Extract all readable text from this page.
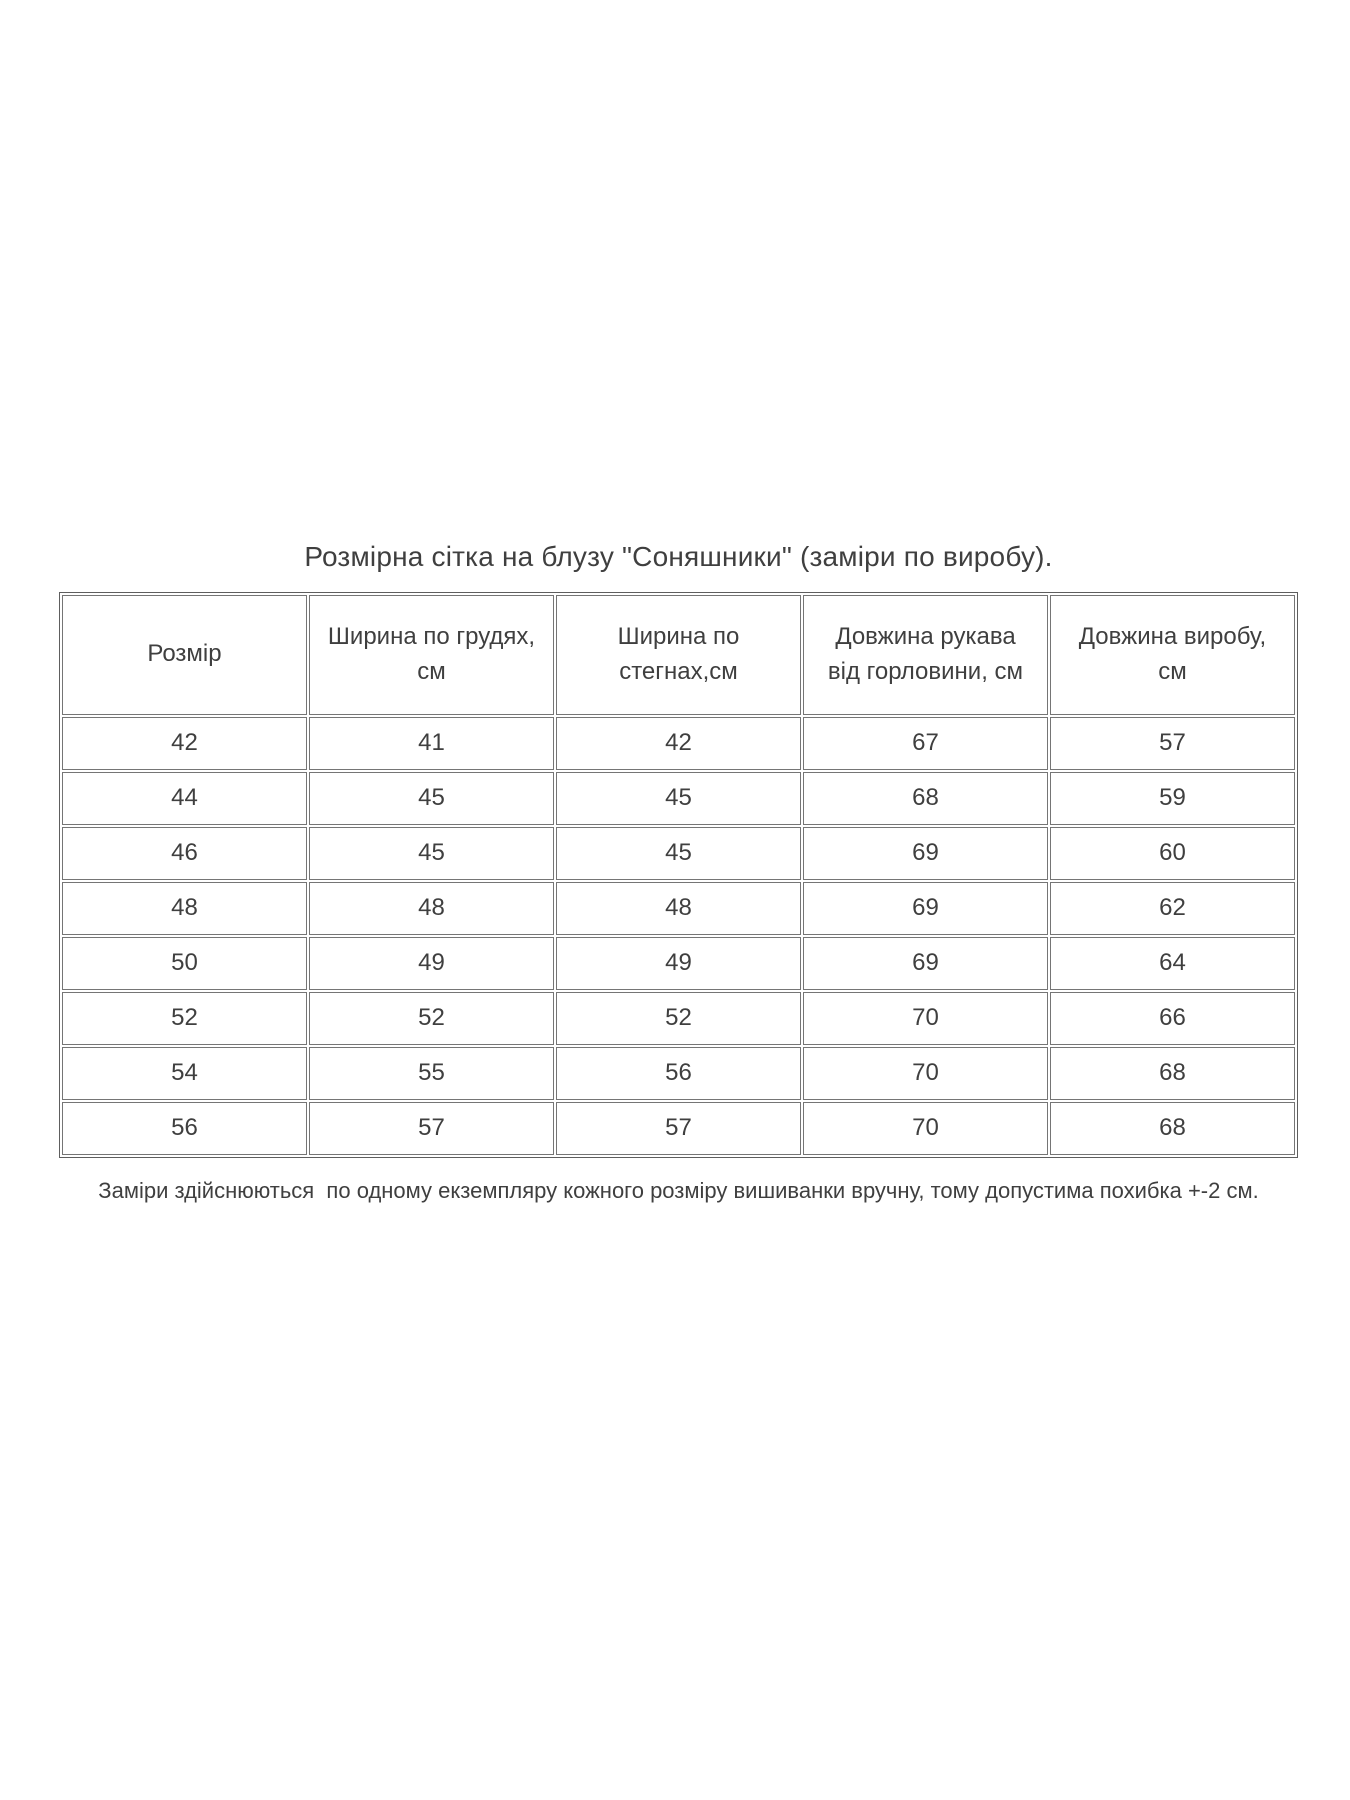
Розмірна сітка на блузу "Соняшники" (заміри по виробу).
Розмір	Ширина по грудях, см	Ширина по стегнах,см	Довжина рукава від горловини, см	Довжина виробу, см
42	41	42	67	57
44	45	45	68	59
46	45	45	69	60
48	48	48	69	62
50	49	49	69	64
52	52	52	70	66
54	55	56	70	68
56	57	57	70	68
Заміри здійснюються  по одному екземпляру кожного розміру вишиванки вручну, тому допустима похибка +-2 см.
